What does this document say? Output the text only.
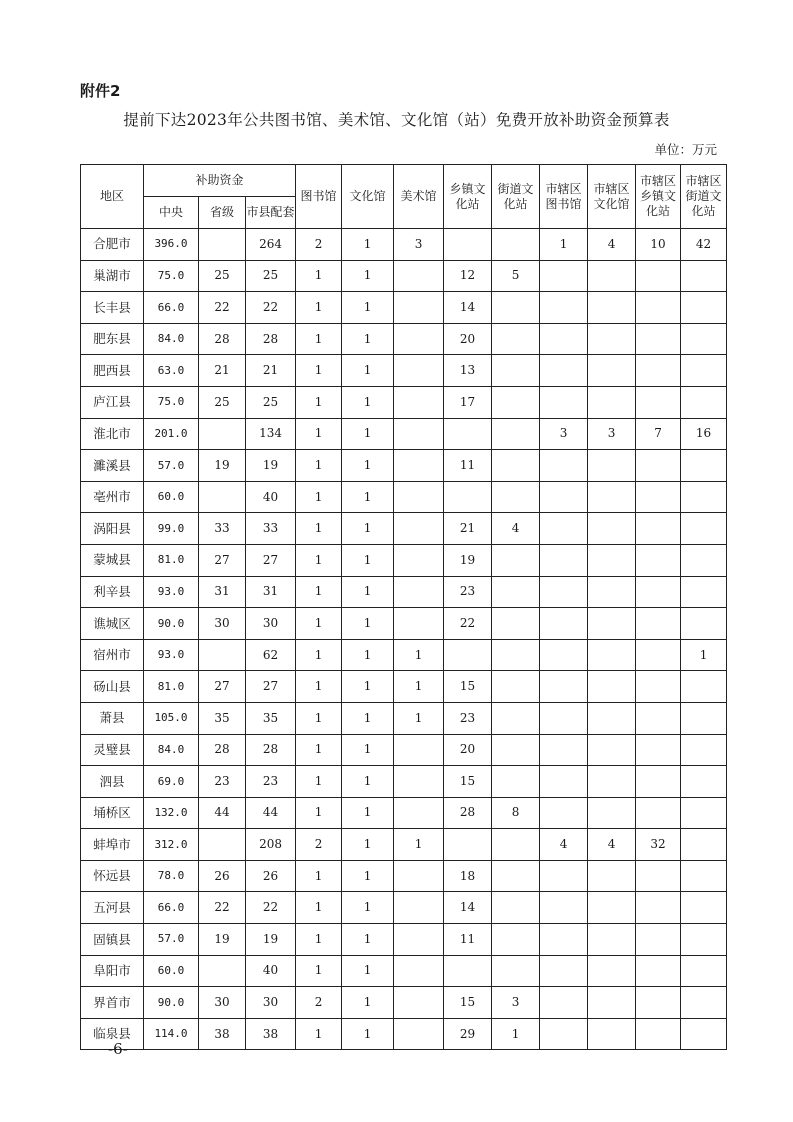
附件2
提前下达2023年公共图书馆、美术馆、文化馆（站）免费开放补助资金预算表
单位：万元
地区	补助资金			图书馆	文化馆	美术馆	乡镇文化站	街道文化站	市辖区图书馆	市辖区文化馆	市辖区乡镇文化站	市辖区街道文化站
	中央	省级	市县配套									
合肥市	396.0		264	2	1	3			1	4	10	42
巢湖市	75.0	25	25	1	1		12	5				
长丰县	66.0	22	22	1	1		14					
肥东县	84.0	28	28	1	1		20					
肥西县	63.0	21	21	1	1		13					
庐江县	75.0	25	25	1	1		17					
淮北市	201.0		134	1	1				3	3	7	16
濉溪县	57.0	19	19	1	1		11					
亳州市	60.0		40	1	1							
涡阳县	99.0	33	33	1	1		21	4				
蒙城县	81.0	27	27	1	1		19					
利辛县	93.0	31	31	1	1		23					
谯城区	90.0	30	30	1	1		22					
宿州市	93.0		62	1	1	1						1
砀山县	81.0	27	27	1	1	1	15					
萧县	105.0	35	35	1	1	1	23					
灵璧县	84.0	28	28	1	1		20					
泗县	69.0	23	23	1	1		15					
埇桥区	132.0	44	44	1	1		28	8				
蚌埠市	312.0		208	2	1	1			4	4	32	
怀远县	78.0	26	26	1	1		18					
五河县	66.0	22	22	1	1		14					
固镇县	57.0	19	19	1	1		11					
阜阳市	60.0		40	1	1							
界首市	90.0	30	30	2	1		15	3				
临泉县	114.0	38	38	1	1		29	1				
-6-
